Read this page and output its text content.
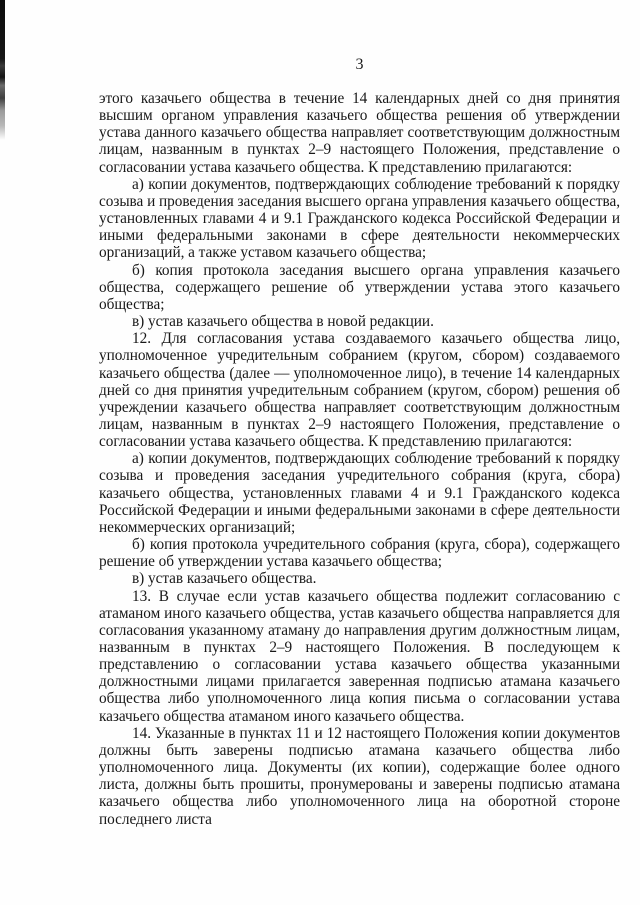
3

этого казачьего общества в течение 14 календарных дней со дня принятия высшим органом управления казачьего общества решения об утверждении устава данного казачьего общества направляет соответствующим должностным лицам, названным в пунктах 2–9 настоящего Положения, представление о согласовании устава казачьего общества. К представлению прилагаются:

а) копии документов, подтверждающих соблюдение требований к порядку созыва и проведения заседания высшего органа управления казачьего общества, установленных главами 4 и 9.1 Гражданского кодекса Российской Федерации и иными федеральными законами в сфере деятельности некоммерческих организаций, а также уставом казачьего общества;

б) копия протокола заседания высшего органа управления казачьего общества, содержащего решение об утверждении устава этого казачьего общества;

в) устав казачьего общества в новой редакции.

12. Для согласования устава создаваемого казачьего общества лицо, уполномоченное учредительным собранием (кругом, сбором) создаваемого казачьего общества (далее — уполномоченное лицо), в течение 14 календарных дней со дня принятия учредительным собранием (кругом, сбором) решения об учреждении казачьего общества направляет соответствующим должностным лицам, названным в пунктах 2–9 настоящего Положения, представление о согласовании устава казачьего общества. К представлению прилагаются:

а) копии документов, подтверждающих соблюдение требований к порядку созыва и проведения заседания учредительного собрания (круга, сбора) казачьего общества, установленных главами 4 и 9.1 Гражданского кодекса Российской Федерации и иными федеральными законами в сфере деятельности некоммерческих организаций;

б) копия протокола учредительного собрания (круга, сбора), содержащего решение об утверждении устава казачьего общества;

в) устав казачьего общества.

13. В случае если устав казачьего общества подлежит согласованию с атаманом иного казачьего общества, устав казачьего общества направляется для согласования указанному атаману до направления другим должностным лицам, названным в пунктах 2–9 настоящего Положения. В последующем к представлению о согласовании устава казачьего общества указанными должностными лицами прилагается заверенная подписью атамана казачьего общества либо уполномоченного лица копия письма о согласовании устава казачьего общества атаманом иного казачьего общества.

14. Указанные в пунктах 11 и 12 настоящего Положения копии документов должны быть заверены подписью атамана казачьего общества либо уполномоченного лица. Документы (их копии), содержащие более одного листа, должны быть прошиты, пронумерованы и заверены подписью атамана казачьего общества либо уполномоченного лица на оборотной стороне последнего листа
